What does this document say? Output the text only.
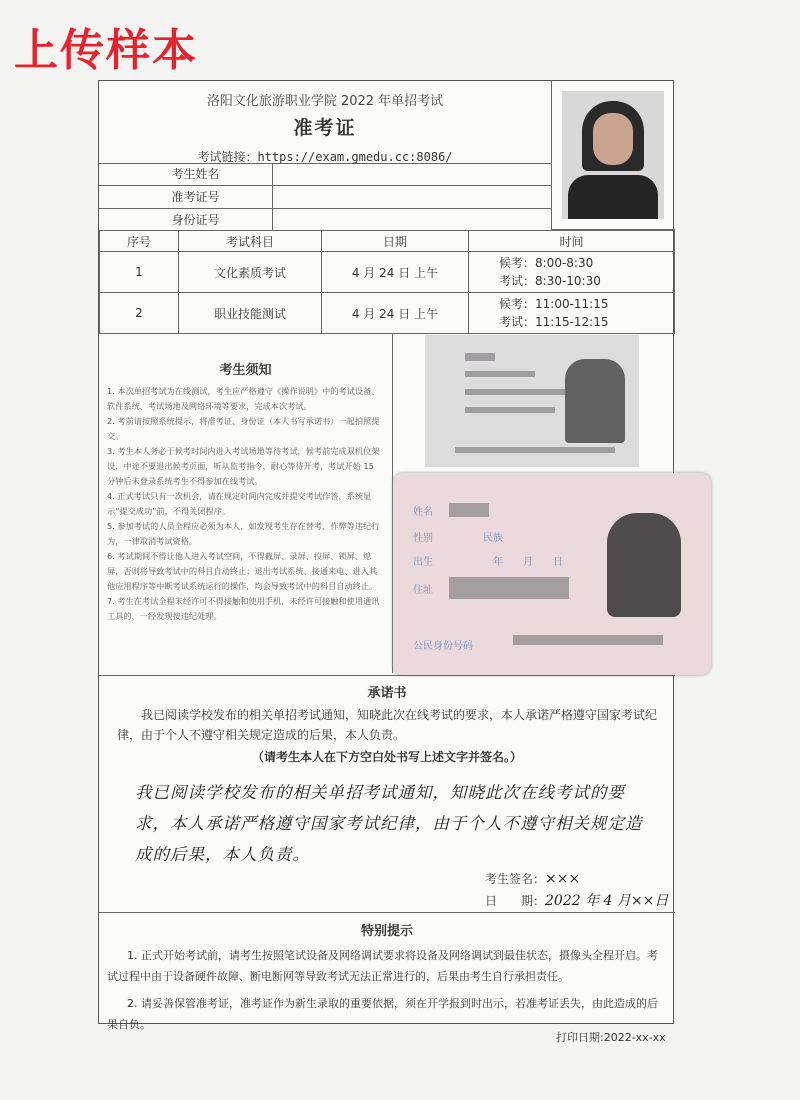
上传样本
洛阳文化旅游职业学院 2022 年单招考试
准考证
考试链接：https://exam.gmedu.cc:8086/
考生姓名
准考证号
身份证号
序号	考试科目	日期	时间
1	文化素质考试	4 月 24 日 上午	候考：8:00-8:30
考试：8:30-10:30

2	职业技能测试	4 月 24 日 上午	候考：11:00-11:15
考试：11:15-12:15
考生须知

1. 本次单招考试为在线测试，考生应严格遵守《操作说明》中的考试设备、软件系统、考试场地及网络环境等要求，完成本次考试。

2. 考前请按照系统提示，将准考证、身份证（本人书写承诺书）一起拍照提交。

3. 考生本人务必于候考时间内进入考试场地等待考试，候考前完成双机位架设，中途不要退出候考页面，听从监考指令，耐心等待开考，考试开始 15 分钟后未登录系统考生不得参加在线考试。

4. 正式考试只有一次机会，请在规定时间内完成并提交考试作答，系统显示“提交成功”前，不得关闭程序。

5. 参加考试的人员全程应必须为本人，如发现考生存在替考、作弊等违纪行为，一律取消考试资格。

6. 考试期间不得让他人进入考试空间，不得截屏、录屏、投屏、锁屏、熄屏，否则将导致考试中的科目自动终止；退出考试系统、接通来电、进入其他应用程序等中断考试系统运行的操作，均会导致考试中的科目自动终止。

7. 考生在考试全程未经许可不得接触和使用手机，未经许可接触和使用通讯工具的，一经发现按违纪处理。

姓名
性别	民族
出生	年 月 日
住址
公民身份号码
承诺书
我已阅读学校发布的相关单招考试通知，知晓此次在线考试的要求，本人承诺严格遵守国家考试纪律，由于个人不遵守相关规定造成的后果，本人负责。
（请考生本人在下方空白处书写上述文字并签名。）
我已阅读学校发布的相关单招考试通知，知晓此次在线考试的要求，本人承诺严格遵守国家考试纪律，由于个人不遵守相关规定造成的后果，本人负责。
考生签名：×××
日　　期：2022 年 4 月××日
特别提示

1. 正式开始考试前，请考生按照笔试设备及网络调试要求将设备及网络调试到最佳状态，摄像头全程开启。考试过程中由于设备硬件故障、断电断网等导致考试无法正常进行的，后果由考生自行承担责任。

2. 请妥善保管准考证，准考证作为新生录取的重要依据，须在开学报到时出示，若准考证丢失，由此造成的后果自负。

打印日期:2022-xx-xx
